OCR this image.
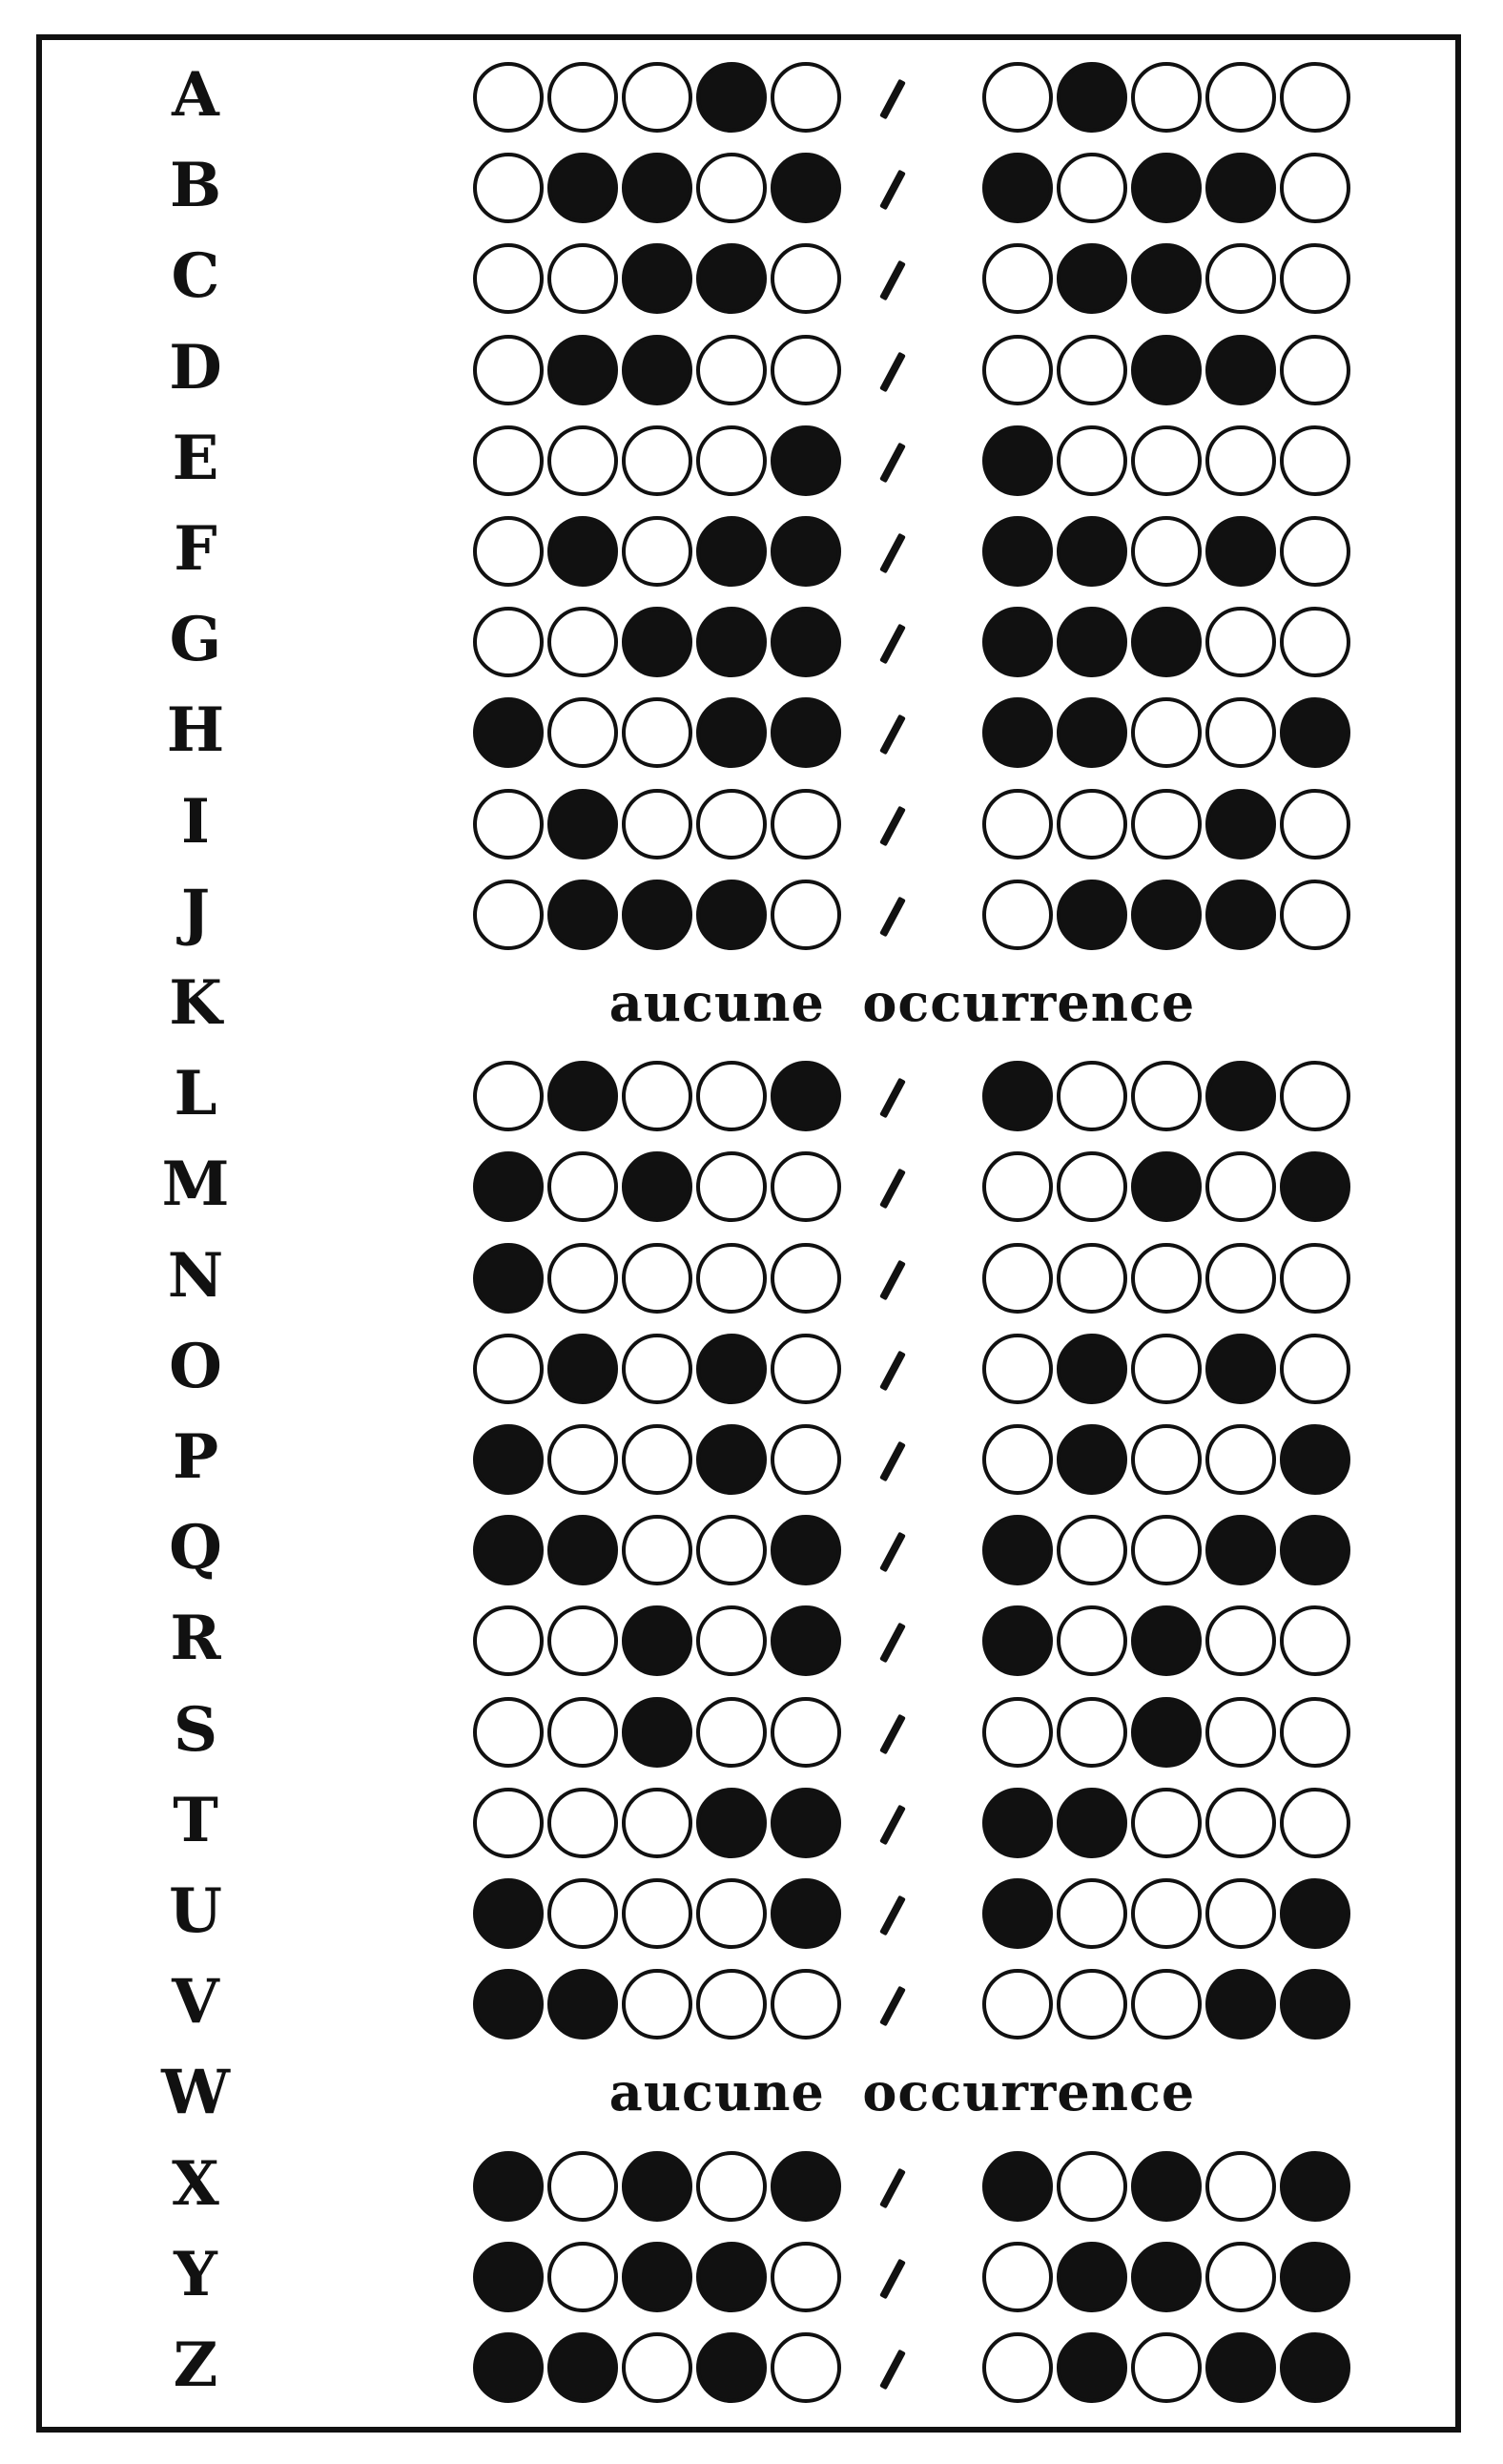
A
B
C
D
E
F
G
H
I
J
K	aucune  occurrence
L
M
N
O
P
Q
R
S
T
U
V
W	aucune  occurrence
X
Y
Z
